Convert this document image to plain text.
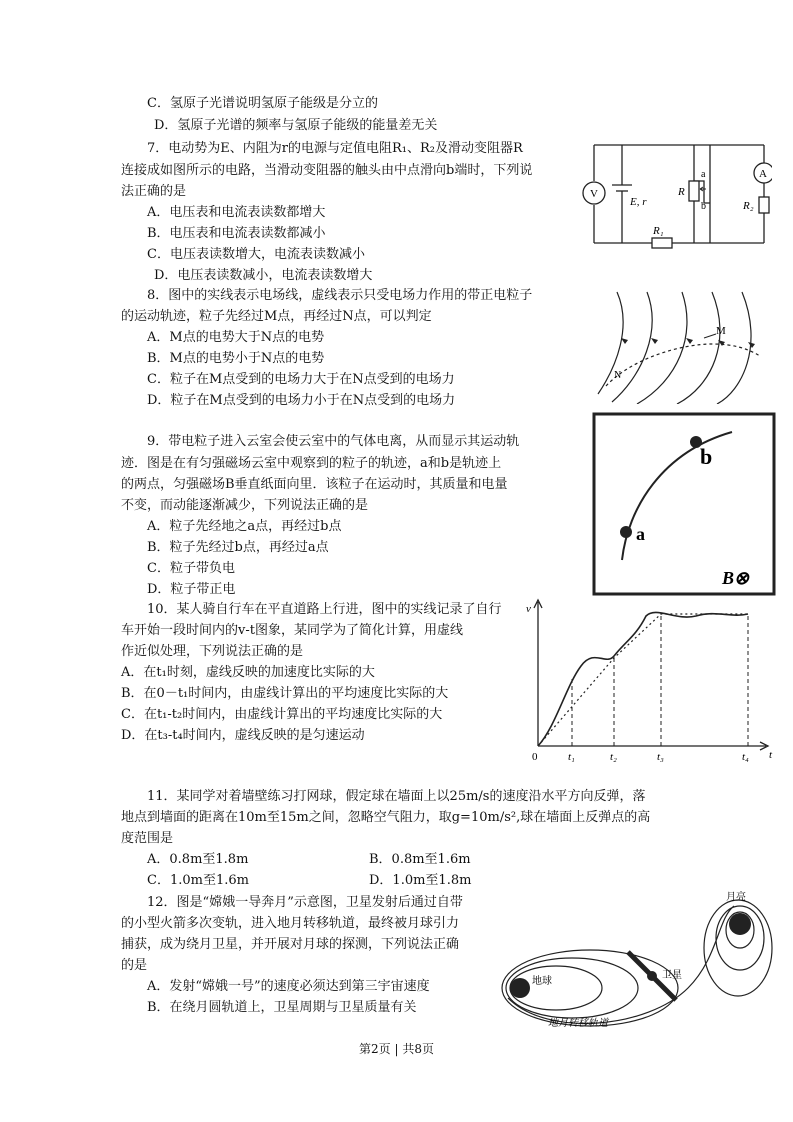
C．氢原子光谱说明氢原子能级是分立的
D．氢原子光谱的频率与氢原子能级的能量差无关
7．电动势为E、内阻为r的电源与定值电阻R₁、R₂及滑动变阻器R
连接成如图所示的电路，当滑动变阻器的触头由中点滑向b端时，下列说
法正确的是
A．电压表和电流表读数都增大
B．电压表和电流表读数都减小
C．电压表读数增大，电流表读数减小
D．电压表读数减小，电流表读数增大
V
A
E, r
R
a
b	R₂
R₁
8．图中的实线表示电场线，虚线表示只受电场力作用的带正电粒子
的运动轨迹，粒子先经过M点，再经过N点，可以判定
A．M点的电势大于N点的电势
B．M点的电势小于N点的电势
C．粒子在M点受到的电场力大于在N点受到的电场力
D．粒子在M点受到的电场力小于在N点受到的电场力
M
N
9．带电粒子进入云室会使云室中的气体电离，从而显示其运动轨
迹．图是在有匀强磁场云室中观察到的粒子的轨迹，a和b是轨迹上
的两点，匀强磁场B垂直纸面向里．该粒子在运动时，其质量和电量
不变，而动能逐渐减少，下列说法正确的是
A．粒子先经地之a点，再经过b点
B．粒子先经过b点，再经过a点
C．粒子带负电
D．粒子带正电
b
a
B⊗
10．某人骑自行车在平直道路上行进，图中的实线记录了自行
车开始一段时间内的v-t图象，某同学为了简化计算，用虚线
作近似处理，下列说法正确的是
A．在t₁时刻，虚线反映的加速度比实际的大
B．在0－t₁时间内，由虚线计算出的平均速度比实际的大
C．在t₁-t₂时间内，由虚线计算出的平均速度比实际的大
D．在t₃-t₄时间内，虚线反映的是匀速运动
v
t
0	t₁	t₂	t₃	t₄
11．某同学对着墙壁练习打网球，假定球在墙面上以25m/s的速度沿水平方向反弹，落
地点到墙面的距离在10m至15m之间，忽略空气阻力，取g=10m/s²,球在墙面上反弹点的高
度范围是
A．0.8m至1.8m	B．0.8m至1.6m
C．1.0m至1.6m	D．1.0m至1.8m
12．图是“嫦娥一导奔月”示意图，卫星发射后通过自带
的小型火箭多次变轨，进入地月转移轨道，最终被月球引力
捕获，成为绕月卫星，并开展对月球的探测，下列说法正确
的是
A．发射“嫦娥一号”的速度必须达到第三宇宙速度
B．在绕月圆轨道上，卫星周期与卫星质量有关
地球
月亮
卫星
地月转移轨道
第2页 | 共8页
